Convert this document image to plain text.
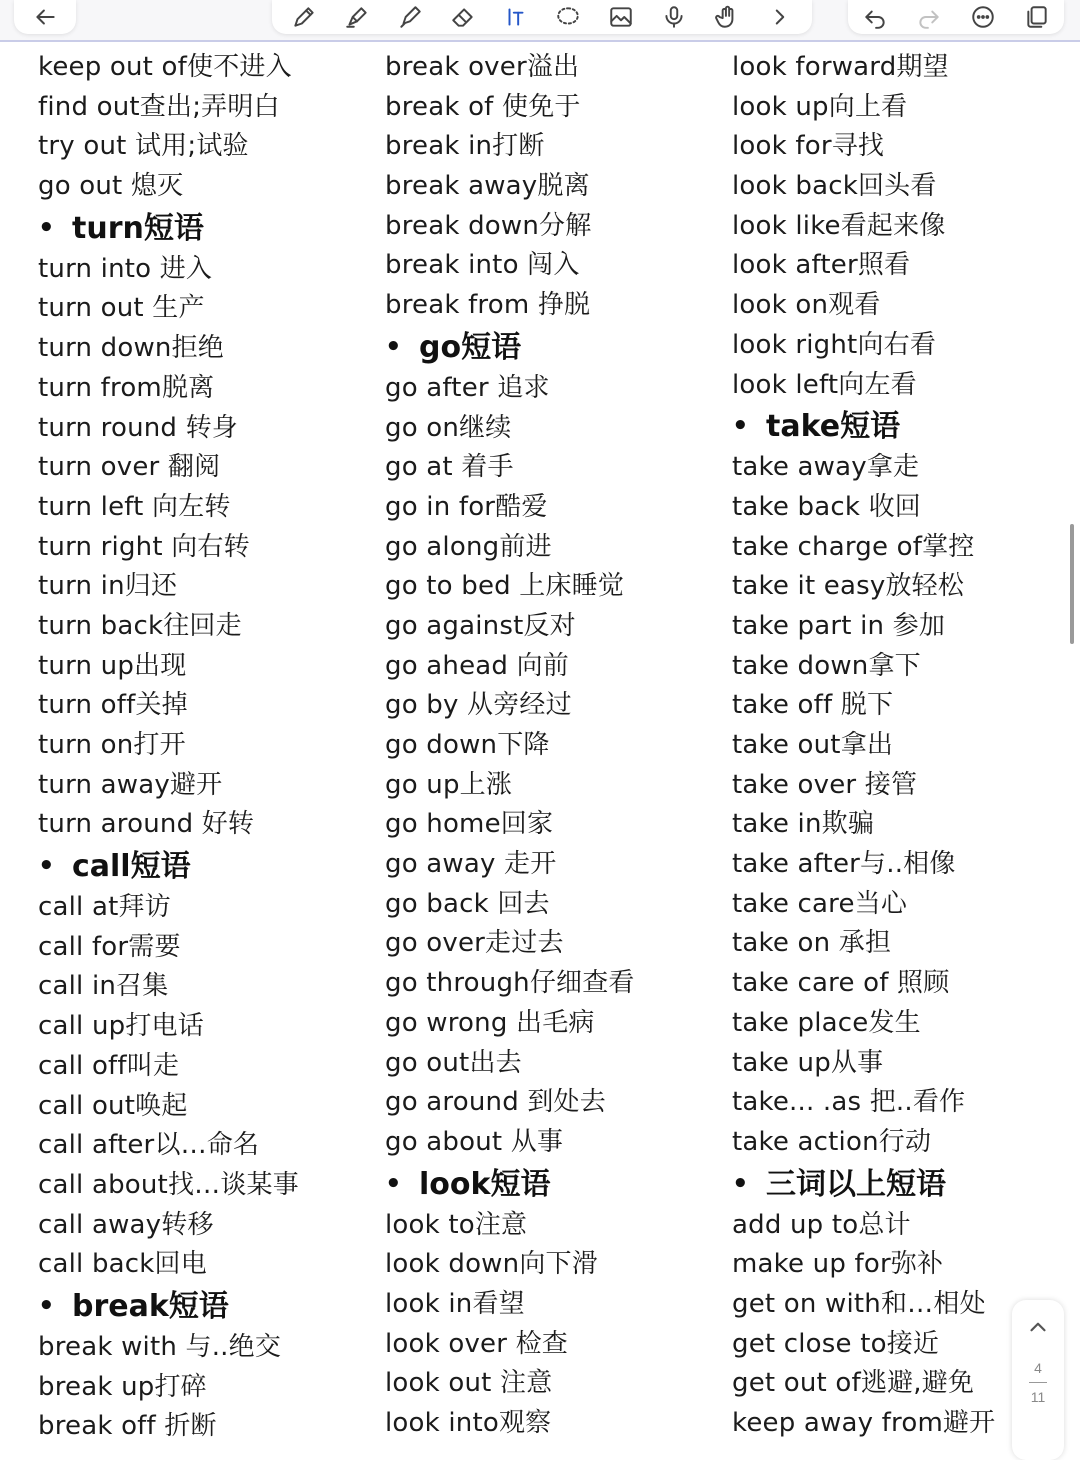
keep out of使不进入
find out查出;弄明白
try out 试用;试验
go out 熄灭
• turn短语
turn into 进入
turn out 生产
turn down拒绝
turn from脱离
turn round 转身
turn over 翻阅
turn left 向左转
turn right 向右转
turn in归还
turn back往回走
turn up出现
turn off关掉
turn on打开
turn away避开
turn around 好转
• call短语
call at拜访
call for需要
call in召集
call up打电话
call off叫走
call out唤起
call after以…命名
call about找…谈某事
call away转移
call back回电
• break短语
break with 与..绝交
break up打碎
break off 折断
break over溢出
break of 使免于
break in打断
break away脱离
break down分解
break into 闯入
break from 挣脱
• go短语
go after 追求
go on继续
go at 着手
go in for酷爱
go along前进
go to bed 上床睡觉
go against反对
go ahead 向前
go by 从旁经过
go down下降
go up上涨
go home回家
go away 走开
go back 回去
go over走过去
go through仔细查看
go wrong 出毛病
go out出去
go around 到处去
go about 从事
• look短语
look to注意
look down向下滑
look in看望
look over 检查
look out 注意
look into观察
look forward期望
look up向上看
look for寻找
look back回头看
look like看起来像
look after照看
look on观看
look right向右看
look left向左看
• take短语
take away拿走
take back 收回
take charge of掌控
take it easy放轻松
take part in 参加
take down拿下
take off 脱下
take out拿出
take over 接管
take in欺骗
take after与..相像
take care当心
take on 承担
take care of 照顾
take place发生
take up从事
take... .as 把..看作
take action行动
• 三词以上短语
add up to总计
make up for弥补
get on with和…相处
get close to接近
get out of逃避,避免
keep away from避开
4
11
